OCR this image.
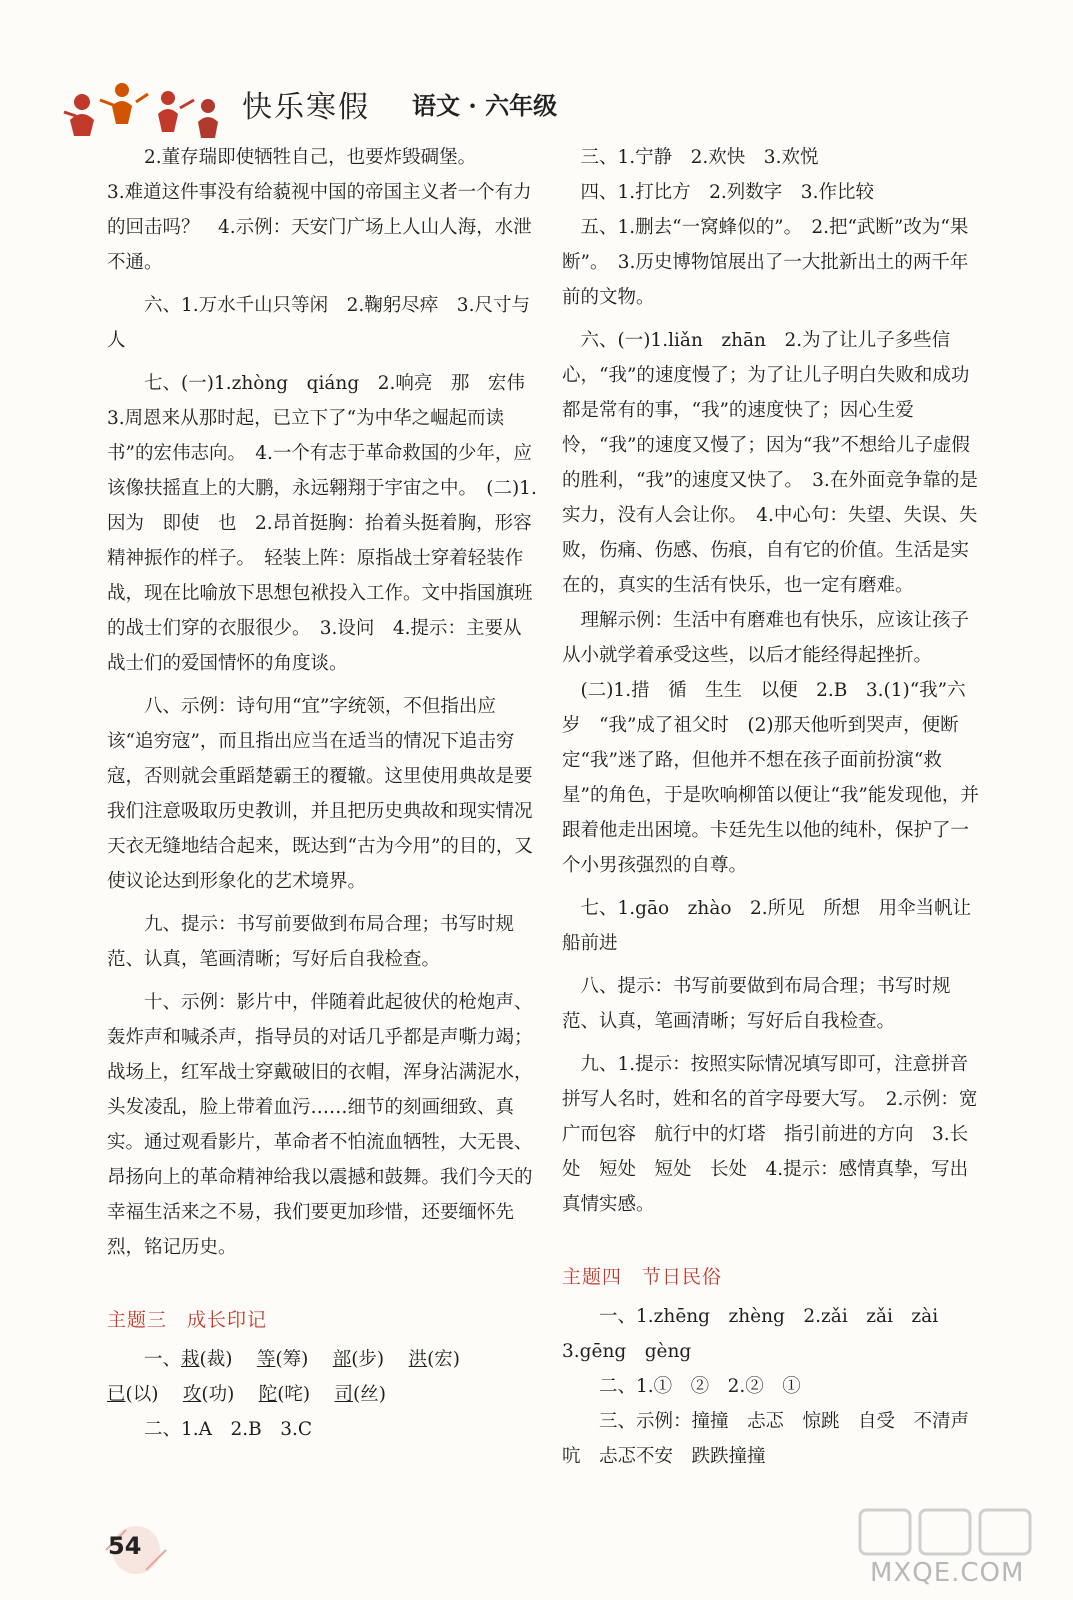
快乐寒假 语文 · 六年级

2.董存瑞即使牺牲自己，也要炸毁碉堡。

3.难道这件事没有给藐视中国的帝国主义者一个有力的回击吗？　4.示例：天安门广场上人山人海，水泄不通。

六、1.万水千山只等闲　2.鞠躬尽瘁　3.尺寸与人

七、(一)1.zhòng　qiáng　2.响亮　那　宏伟　3.周恩来从那时起，已立下了“为中华之崛起而读书”的宏伟志向。　4.一个有志于革命救国的少年，应该像扶摇直上的大鹏，永远翱翔于宇宙之中。　(二)1.因为　即使　也　2.昂首挺胸：抬着头挺着胸，形容精神振作的样子。　轻装上阵：原指战士穿着轻装作战，现在比喻放下思想包袱投入工作。文中指国旗班的战士们穿的衣服很少。　3.设问　4.提示：主要从战士们的爱国情怀的角度谈。

八、示例：诗句用“宜”字统领，不但指出应该“追穷寇”，而且指出应当在适当的情况下追击穷寇，否则就会重蹈楚霸王的覆辙。这里使用典故是要我们注意吸取历史教训，并且把历史典故和现实情况天衣无缝地结合起来，既达到“古为今用”的目的，又使议论达到形象化的艺术境界。

九、提示：书写前要做到布局合理；书写时规范、认真，笔画清晰；写好后自我检查。

十、示例：影片中，伴随着此起彼伏的枪炮声、轰炸声和喊杀声，指导员的对话几乎都是声嘶力竭；战场上，红军战士穿戴破旧的衣帽，浑身沾满泥水，头发凌乱，脸上带着血污……细节的刻画细致、真实。通过观看影片，革命者不怕流血牺牲，大无畏、昂扬向上的革命精神给我以震撼和鼓舞。我们今天的幸福生活来之不易，我们要更加珍惜，还要缅怀先烈，铭记历史。

主题三 成长印记

一、栽(裁)　 等(筹)　 部(步)　 洪(宏)

已(以)　 攻(功)　 陀(咤)　 司(丝)

二、1.A　2.B　3.C

三、1.宁静　2.欢快　3.欢悦

四、1.打比方　2.列数字　3.作比较

五、1.删去“一窝蜂似的”。　2.把“武断”改为“果断”。　3.历史博物馆展出了一大批新出土的两千年前的文物。

六、(一)1.liǎn　zhān　2.为了让儿子多些信心，“我”的速度慢了；为了让儿子明白失败和成功都是常有的事，“我”的速度快了；因心生爱怜，“我”的速度又慢了；因为“我”不想给儿子虚假的胜利，“我”的速度又快了。　3.在外面竞争靠的是实力，没有人会让你。　4.中心句：失望、失误、失败，伤痛、伤感、伤痕，自有它的价值。生活是实在的，真实的生活有快乐，也一定有磨难。

理解示例：生活中有磨难也有快乐，应该让孩子从小就学着承受这些，以后才能经得起挫折。

(二)1.措　循　生生　以便　2.B　3.(1)“我”六岁　“我”成了祖父时　(2)那天他听到哭声，便断定“我”迷了路，但他并不想在孩子面前扮演“救星”的角色，于是吹响柳笛以便让“我”能发现他，并跟着他走出困境。卡廷先生以他的纯朴，保护了一个小男孩强烈的自尊。

七、1.gāo　zhào　2.所见　所想　用伞当帆让船前进

八、提示：书写前要做到布局合理；书写时规范、认真，笔画清晰；写好后自我检查。

九、1.提示：按照实际情况填写即可，注意拼音拼写人名时，姓和名的首字母要大写。　2.示例：宽广而包容　航行中的灯塔　指引前进的方向　3.长处　短处　短处　长处　4.提示：感情真挚，写出真情实感。

主题四 节日民俗

一、1.zhēng　zhèng　2.zǎi　zǎi　zài

3.gēng　gèng

二、1.①　②　2.②　①

三、示例：撞撞　忐忑　惊跳　自受　不清声吭　忐忑不安　跌跌撞撞

54
MXQE.COM
